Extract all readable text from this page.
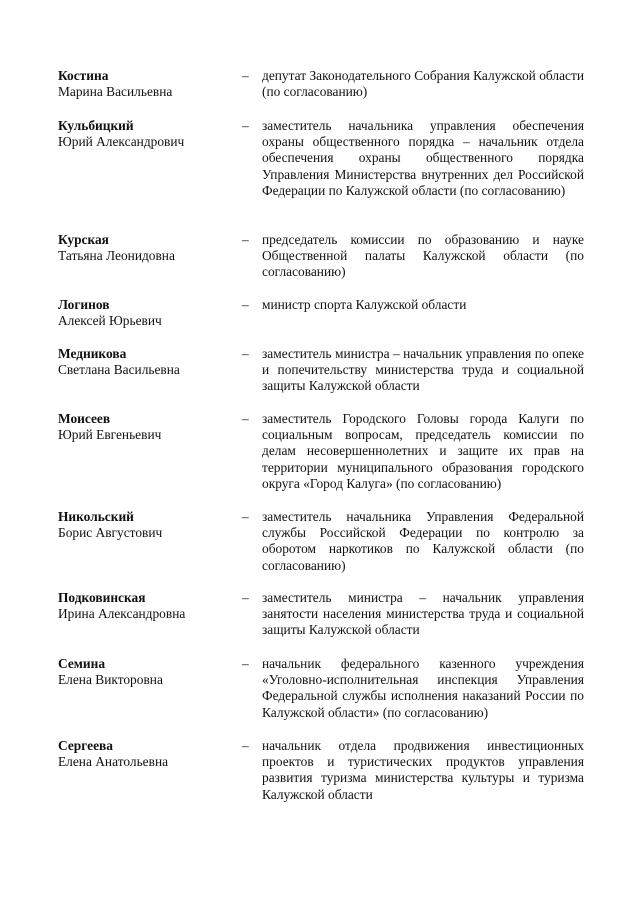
Костина
Марина Васильевна
– депутат Законодательного Собрания Калужской области (по согласованию)
Кульбицкий
Юрий Александрович
– заместитель начальника управления обеспечения охраны общественного порядка – начальник отдела обеспечения охраны общественного порядка Управления Министерства внутренних дел Российской Федерации по Калужской области (по согласованию)
Курская
Татьяна Леонидовна
– председатель комиссии по образованию и науке Общественной палаты Калужской области (по согласованию)
Логинов
Алексей Юрьевич
– министр спорта Калужской области
Медникова
Светлана Васильевна
– заместитель министра – начальник управления по опеке и попечительству министерства труда и социальной защиты Калужской области
Моисеев
Юрий Евгеньевич
– заместитель Городского Головы города Калуги по социальным вопросам, председатель комиссии по делам несовершеннолетних и защите их прав на территории муниципального образования городского округа «Город Калуга» (по согласованию)
Никольский
Борис Августович
– заместитель начальника Управления Федеральной службы Российской Федерации по контролю за оборотом наркотиков по Калужской области (по согласованию)
Подковинская
Ирина Александровна
– заместитель министра – начальник управления занятости населения министерства труда и социальной защиты Калужской области
Семина
Елена Викторовна
– начальник федерального казенного учреждения «Уголовно-исполнительная инспекция Управления Федеральной службы исполнения наказаний России по Калужской области» (по согласованию)
Сергеева
Елена Анатольевна
– начальник отдела продвижения инвестиционных проектов и туристических продуктов управления развития туризма министерства культуры и туризма Калужской области
